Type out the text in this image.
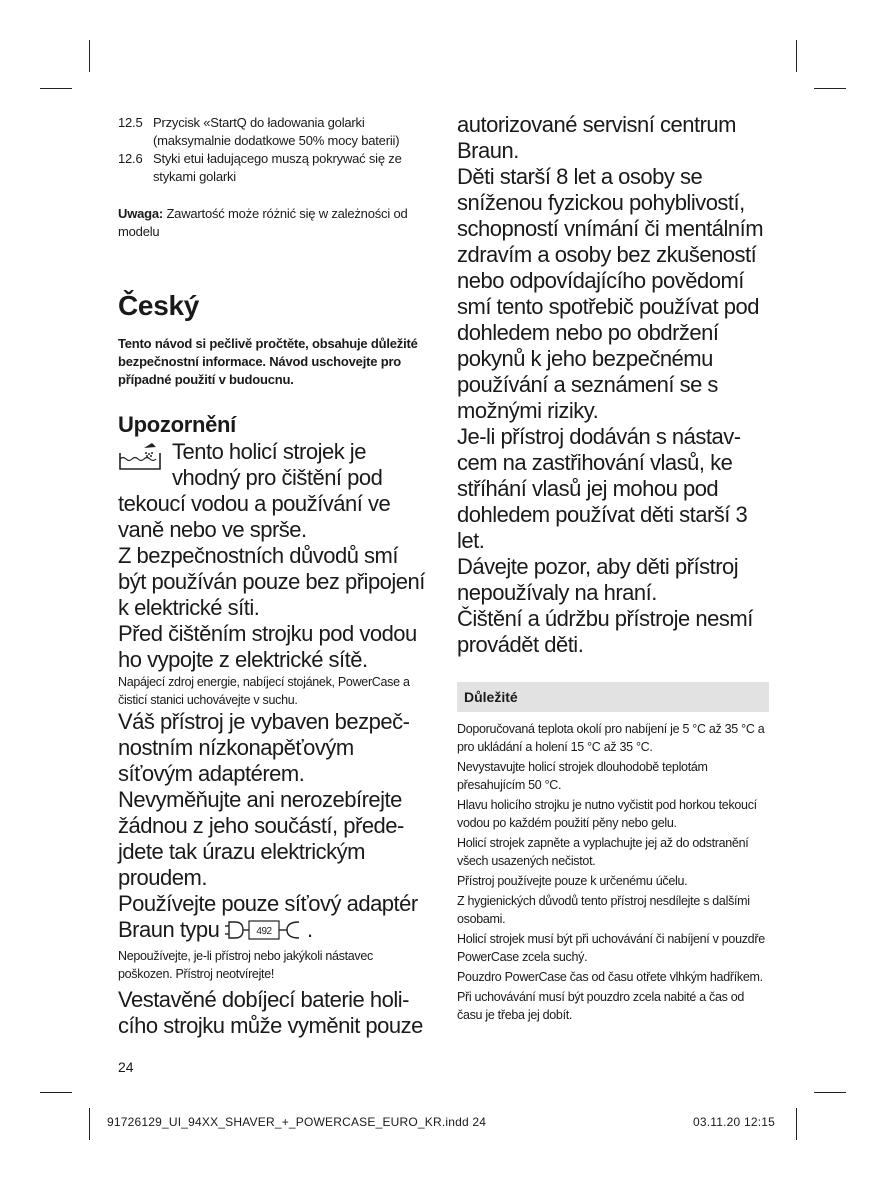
12.5 Przycisk «StartQ do ładowania golarki (maksymalnie dodatkowe 50% mocy baterii)
12.6 Styki etui ładującego muszą pokrywać się ze stykami golarki
Uwaga: Zawartość może różnić się w zależności od modelu
Český
Tento návod si pečlivě pročtěte, obsahuje důležité bezpečnostní informace. Návod uschovejte pro případné použití v budoucnu.
Upozornění
Tento holicí strojek je
vhodný pro čištění pod
tekoucí vodou a používání ve vaně nebo ve sprše.
Z bezpečnostních důvodů smí být používán pouze bez připojení k elektrické síti.
Před čištěním strojku pod vodou ho vypojte z elektrické sítě.
Napájecí zdroj energie, nabíjecí stojánek, PowerCase a čisticí stanici uchovávejte v suchu.
Váš přístroj je vybaven bezpeč-nostním nízkonapěťovým síťovým adaptérem.
Nevyměňujte ani nerozebírejte žádnou z jeho součástí, přede-jdete tak úrazu elektrickým proudem.
Používejte pouze síťový adaptér
Braun typu	492 .
Nepoužívejte, je-li přístroj nebo jakýkoli nástavec poškozen. Přístroj neotvírejte!
Vestavěné dobíjecí baterie holi-cího strojku může vyměnit pouze
24
autorizované servisní centrum Braun.
Děti starší 8 let a osoby se sníženou fyzickou pohyblivostí, schopností vnímání či mentálním zdravím a osoby bez zkušeností nebo odpovídajícího povědomí smí tento spotřebič používat pod dohledem nebo po obdržení pokynů k jeho bezpečnému používání a seznámení se s možnými riziky.
Je-li přístroj dodáván s nástav-cem na zastřihování vlasů, ke stříhání vlasů jej mohou pod dohledem používat děti starší 3 let.
Dávejte pozor, aby děti přístroj nepoužívaly na hraní.
Čištění a údržbu přístroje nesmí provádět děti.
Důležité
Doporučovaná teplota okolí pro nabíjení je 5 °C až 35 °C a pro ukládání a holení 15 °C až 35 °C.
Nevystavujte holicí strojek dlouhodobě teplotám přesahujícím 50 °C.
Hlavu holicího strojku je nutno vyčistit pod horkou tekoucí vodou po každém použití pěny nebo gelu.
Holicí strojek zapněte a vyplachujte jej až do odstranění všech usazených nečistot.
Přístroj používejte pouze k určenému účelu.
Z hygienických důvodů tento přístroj nesdílejte s dalšími osobami.
Holicí strojek musí být při uchovávání či nabíjení v pouzdře PowerCase zcela suchý.
Pouzdro PowerCase čas od času otřete vlhkým hadříkem.
Při uchovávání musí být pouzdro zcela nabité a čas od času je třeba jej dobít.
91726129_UI_94XX_SHAVER_+_POWERCASE_EURO_KR.indd 24	03.11.20 12:15
